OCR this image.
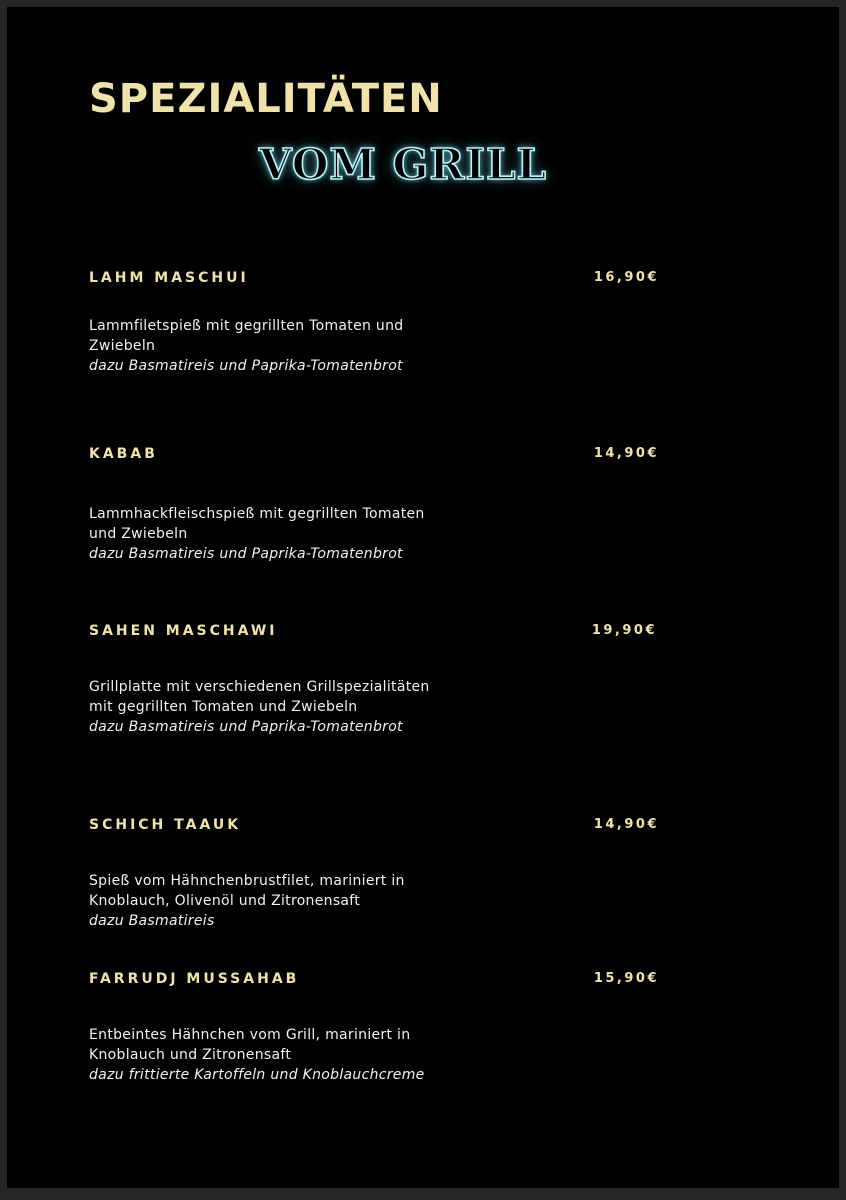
SPEZIALITÄTEN
VOM GRILL
LAHM MASCHUI	16,90€
Lammfiletspieß mit gegrillten Tomaten und Zwiebeln
dazu Basmatireis und Paprika-Tomatenbrot
KABAB	14,90€
Lammhackfleischspieß mit gegrillten Tomaten und Zwiebeln
dazu Basmatireis und Paprika-Tomatenbrot
SAHEN MASCHAWI	19,90€
Grillplatte mit verschiedenen Grillspezialitäten mit gegrillten Tomaten und Zwiebeln
dazu Basmatireis und Paprika-Tomatenbrot
SCHICH TAAUK	14,90€
Spieß vom Hähnchenbrustfilet, mariniert in Knoblauch, Olivenöl und Zitronensaft
dazu Basmatireis
FARRUDJ MUSSAHAB	15,90€
Entbeintes Hähnchen vom Grill, mariniert in Knoblauch und Zitronensaft
dazu frittierte Kartoffeln und Knoblauchcreme
